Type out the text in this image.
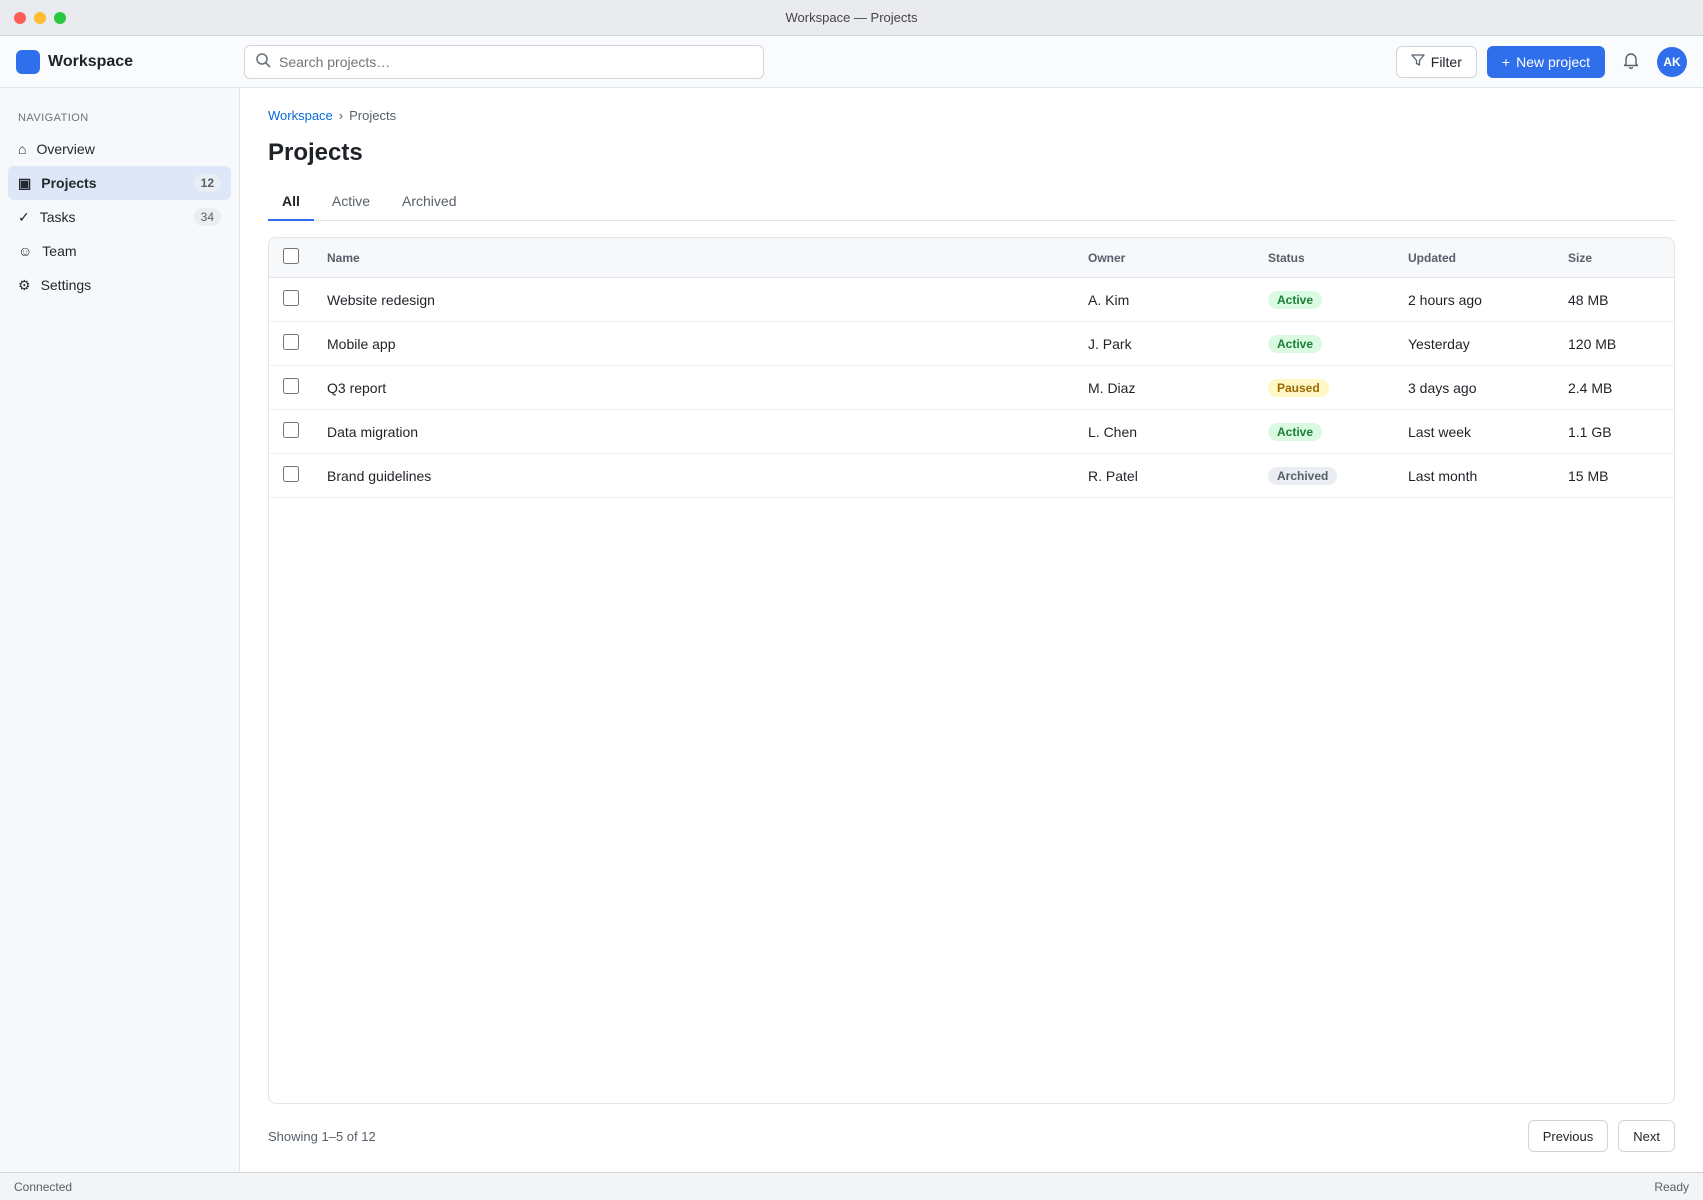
Workspace — Projects
Workspace
Search projects…	Filter	+ New project	AK
NAVIGATION
⌂ Overview
▣ Projects	12
✓ Tasks	34
☺ Team
⚙ Settings
Workspace › Projects
Projects
All	Active	Archived
	Name	Owner	Status	Updated	Size
	Website redesign	A. Kim	Active	2 hours ago	48 MB
	Mobile app	J. Park	Active	Yesterday	120 MB
	Q3 report	M. Diaz	Paused	3 days ago	2.4 MB
	Data migration	L. Chen	Active	Last week	1.1 GB
	Brand guidelines	R. Patel	Archived	Last month	15 MB
Showing 1–5 of 12	Previous	Next
Connected	Ready
